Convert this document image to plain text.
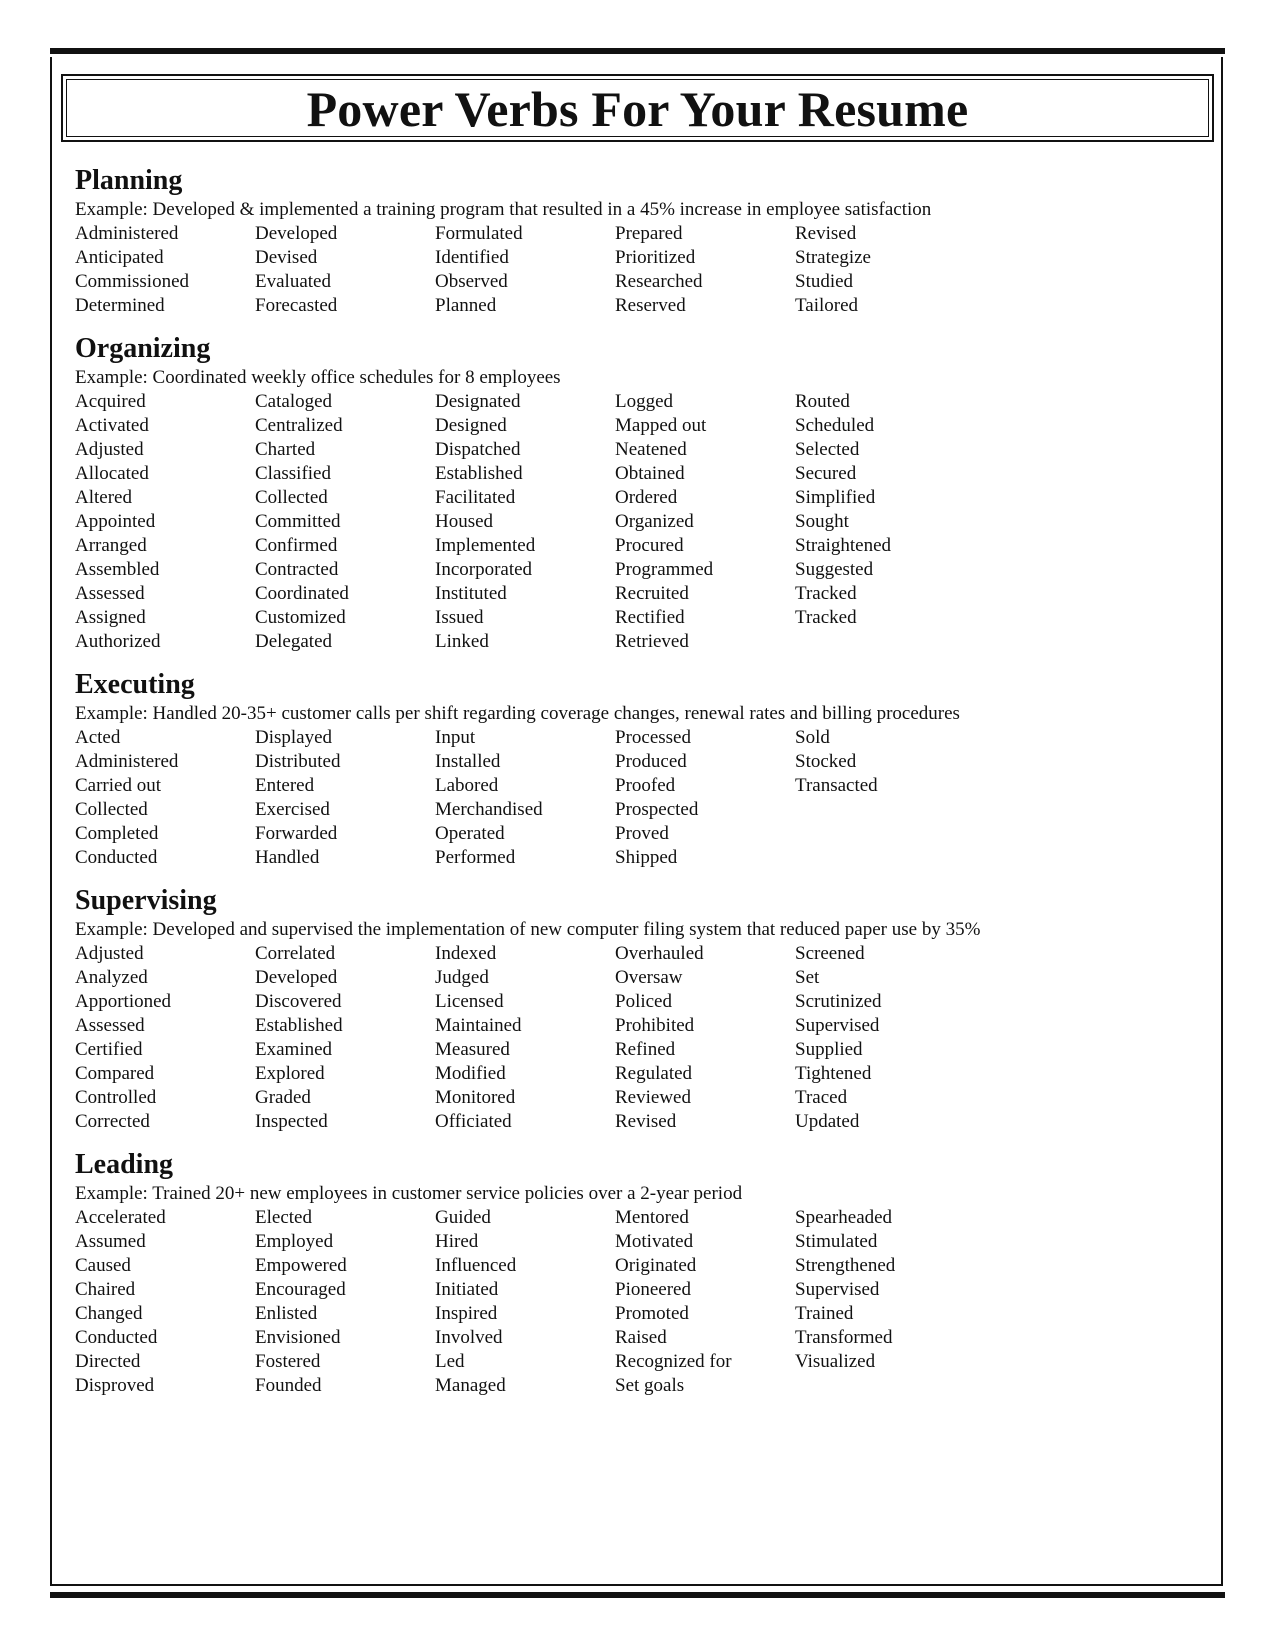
Power Verbs For Your Resume
Planning
Example: Developed & implemented a training program that resulted in a 45% increase in employee satisfaction
Administered	Developed	Formulated	Prepared	Revised
Anticipated	Devised	Identified	Prioritized	Strategize
Commissioned	Evaluated	Observed	Researched	Studied
Determined	Forecasted	Planned	Reserved	Tailored
Organizing
Example: Coordinated weekly office schedules for 8 employees
Acquired	Cataloged	Designated	Logged	Routed
Activated	Centralized	Designed	Mapped out	Scheduled
Adjusted	Charted	Dispatched	Neatened	Selected
Allocated	Classified	Established	Obtained	Secured
Altered	Collected	Facilitated	Ordered	Simplified
Appointed	Committed	Housed	Organized	Sought
Arranged	Confirmed	Implemented	Procured	Straightened
Assembled	Contracted	Incorporated	Programmed	Suggested
Assessed	Coordinated	Instituted	Recruited	Tracked
Assigned	Customized	Issued	Rectified	Tracked
Authorized	Delegated	Linked	Retrieved
Executing
Example: Handled 20-35+ customer calls per shift regarding coverage changes, renewal rates and billing procedures
Acted	Displayed	Input	Processed	Sold
Administered	Distributed	Installed	Produced	Stocked
Carried out	Entered	Labored	Proofed	Transacted
Collected	Exercised	Merchandised	Prospected
Completed	Forwarded	Operated	Proved
Conducted	Handled	Performed	Shipped
Supervising
Example: Developed and supervised the implementation of new computer filing system that reduced paper use by 35%
Adjusted	Correlated	Indexed	Overhauled	Screened
Analyzed	Developed	Judged	Oversaw	Set
Apportioned	Discovered	Licensed	Policed	Scrutinized
Assessed	Established	Maintained	Prohibited	Supervised
Certified	Examined	Measured	Refined	Supplied
Compared	Explored	Modified	Regulated	Tightened
Controlled	Graded	Monitored	Reviewed	Traced
Corrected	Inspected	Officiated	Revised	Updated
Leading
Example: Trained 20+ new employees in customer service policies over a 2-year period
Accelerated	Elected	Guided	Mentored	Spearheaded
Assumed	Employed	Hired	Motivated	Stimulated
Caused	Empowered	Influenced	Originated	Strengthened
Chaired	Encouraged	Initiated	Pioneered	Supervised
Changed	Enlisted	Inspired	Promoted	Trained
Conducted	Envisioned	Involved	Raised	Transformed
Directed	Fostered	Led	Recognized for	Visualized
Disproved	Founded	Managed	Set goals
